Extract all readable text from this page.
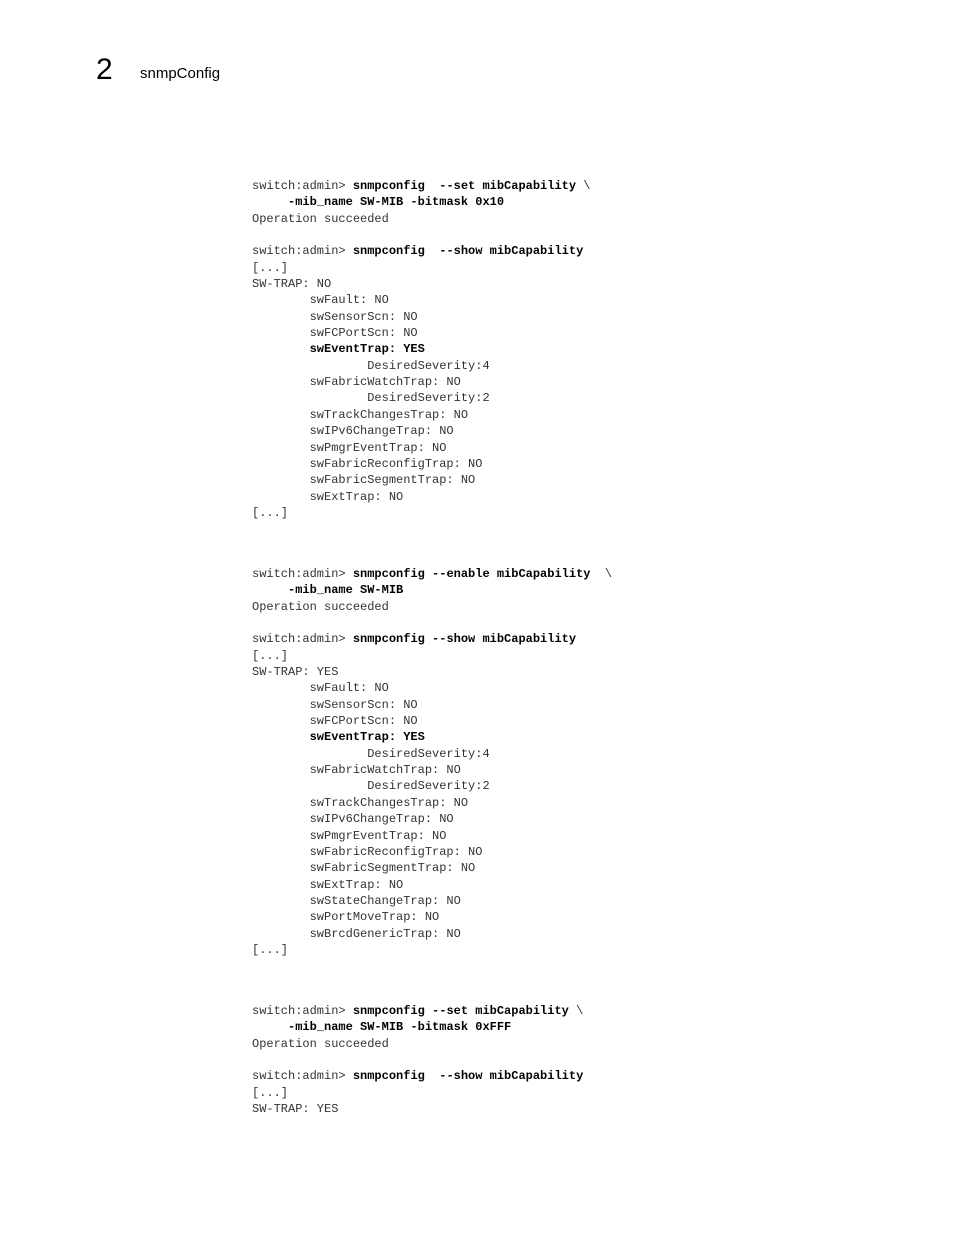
2 snmpConfig
switch:admin> snmpconfig  --set mibCapability \
-mib_name SW-MIB -bitmask 0x10
Operation succeeded
switch:admin> snmpconfig  --show mibCapability
[...]
SW-TRAP: NO
swFault: NO
swSensorScn: NO
swFCPortScn: NO
swEventTrap: YES
DesiredSeverity:4
swFabricWatchTrap: NO
DesiredSeverity:2
swTrackChangesTrap: NO
swIPv6ChangeTrap: NO
swPmgrEventTrap: NO
swFabricReconfigTrap: NO
swFabricSegmentTrap: NO
swExtTrap: NO
[...]
switch:admin> snmpconfig --enable mibCapability  \
-mib_name SW-MIB
Operation succeeded
switch:admin> snmpconfig --show mibCapability
[...]
SW-TRAP: YES
swFault: NO
swSensorScn: NO
swFCPortScn: NO
swEventTrap: YES
DesiredSeverity:4
swFabricWatchTrap: NO
DesiredSeverity:2
swTrackChangesTrap: NO
swIPv6ChangeTrap: NO
swPmgrEventTrap: NO
swFabricReconfigTrap: NO
swFabricSegmentTrap: NO
swExtTrap: NO
swStateChangeTrap: NO
swPortMoveTrap: NO
swBrcdGenericTrap: NO
[...]
switch:admin> snmpconfig --set mibCapability \
-mib_name SW-MIB -bitmask 0xFFF
Operation succeeded
switch:admin> snmpconfig  --show mibCapability
[...]
SW-TRAP: YES
